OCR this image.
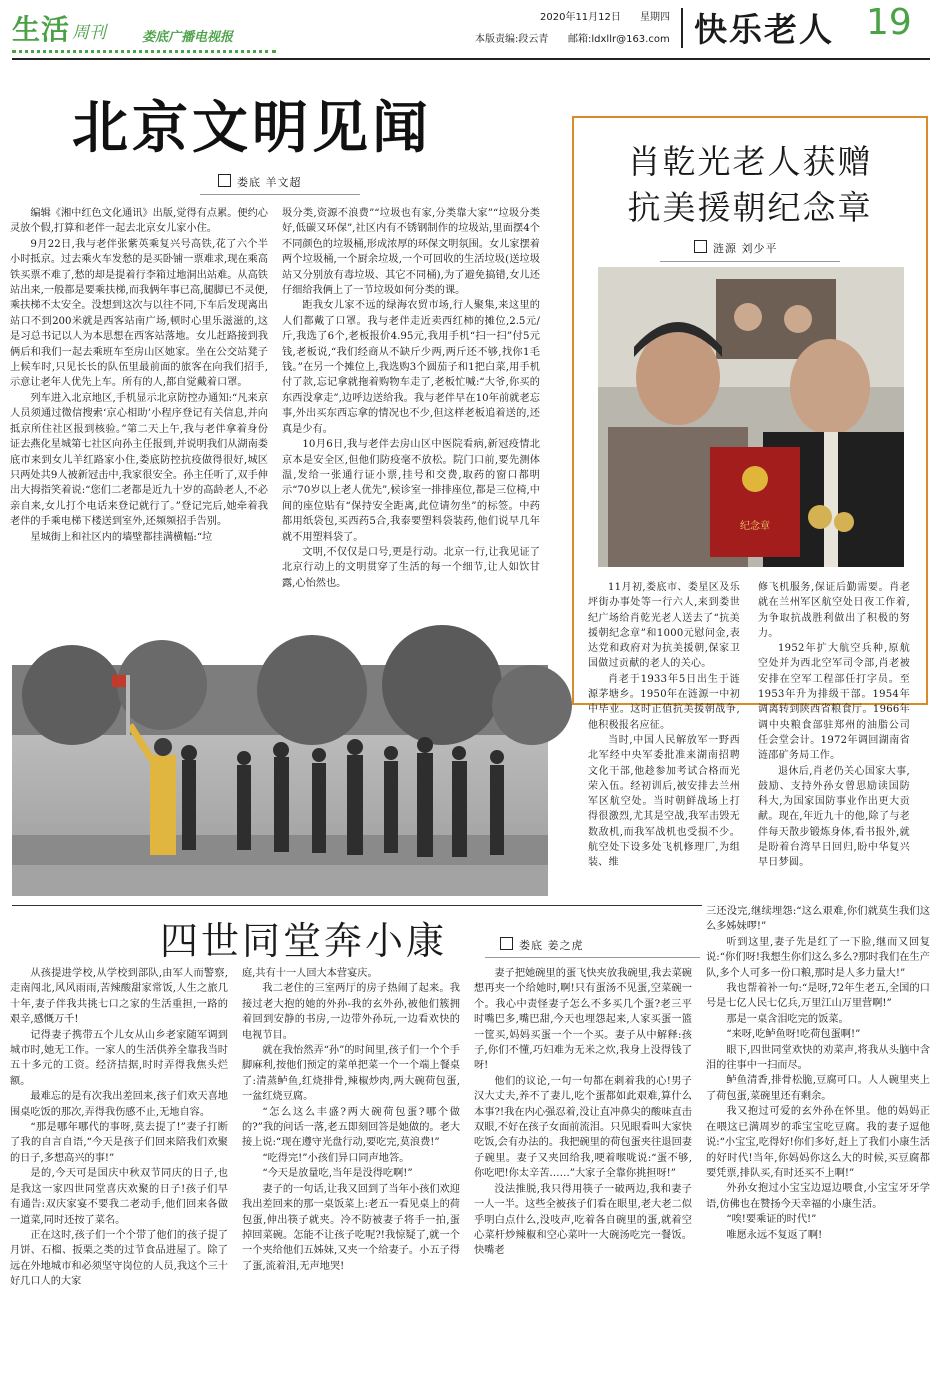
生活 周刊	娄底广播电视报
2020年11月12日 星期四
本版责编:段云青 邮箱:ldxllr@163.com 快乐老人 19
北京文明见闻
娄底 羊文超

编辑《湘中红色文化通讯》出版,觉得有点累。便约心灵放个假,打算和老伴一起去北京女儿家小住。

9月22日,我与老伴张紫英乘复兴号高铁,花了六个半小时抵京。过去乘火车发愁的是买卧铺一票难求,现在乘高铁买票不难了,愁的却是提着行李箱过地洞出站难。从高铁站出来,一般都是要乘扶梯,而我俩年事已高,腿脚已不灵便,乘扶梯不太安全。没想到这次与以往不同,下车后发现离出站口不到200米就是西客站南广场,顿时心里乐滋滋的,这是习总书记以人为本思想在西客站落地。女儿赶路接到我俩后和我们一起去乘班车至房山区她家。坐在公交站凳子上候车时,只见长长的队伍里最前面的旅客在向我们招手,示意让老年人优先上车。所有的人,都自觉戴着口罩。

列车进入北京地区,手机显示北京防控办通知:“凡来京人员须通过微信搜索‘京心相助’小程序登记有关信息,并向抵京所住社区报到核验。”第二天上午,我与老伴拿着身份证去燕化星城第七社区向孙主任报到,并说明我们从湖南娄底市来到女儿羊红路家小住,娄底防控抗疫做得很好,城区只两处共9人被新冠击中,我家很安全。孙主任听了,双手伸出大拇指笑着说:“您们二老都是近九十岁的高龄老人,不必亲自来,女儿打个电话来登记就行了。”登记完后,她牵着我老伴的手乘电梯下楼送到室外,还频频招手告别。

星城街上和社区内的墙壁都挂满横幅:“垃

圾分类,资源不浪费”“垃圾也有家,分类靠大家”“垃圾分类好,低碳又环保”,社区内有不锈钢制作的垃圾站,里面摆4个不同颜色的垃圾桶,形成浓厚的环保文明氛围。女儿家摆着两个垃圾桶,一个厨余垃圾,一个可回收的生活垃圾(送垃圾站又分别放有毒垃圾、其它不同桶),为了避免搞错,女儿还仔细给我俩上了一节垃圾如何分类的课。

距我女儿家不远的绿海农贸市场,行人聚集,来这里的人们都戴了口罩。我与老伴走近卖西红柿的摊位,2.5元/斤,我选了6个,老板报价4.95元,我用手机“扫一扫”付5元钱,老板说,“我们经商从不缺斤少两,两斤还不够,找你1毛钱。”在另一个摊位上,我选购3个圆茄子和1把白菜,用手机付了款,忘记拿就拖着购物车走了,老板忙喊:“大爷,你买的东西没拿走”,边呼边送给我。我与老伴早在10年前就老忘事,外出买东西忘拿的情况也不少,但这样老板追着送的,还真是少有。

10月6日,我与老伴去房山区中医院看病,新冠疫情北京本是安全区,但他们防疫毫不放松。院门口前,要先测体温,发给一张通行证小票,挂号和交费,取药的窗口都明示“70岁以上老人优先”,候诊室一排排座位,都是三位椅,中间的座位贴有“保持安全距离,此位请勿坐”的标签。中药都用纸袋包,买西药5合,我泰要塑料袋装药,他们说早几年就不用塑料袋了。

文明,不仅仅是口号,更是行动。北京一行,让我见证了北京行动上的文明贯穿了生活的每一个细节,让人如饮甘露,心怡然也。

肖乾光老人获赠
抗美援朝纪念章
涟源 刘少平
纪念章

11月初,娄底市、娄星区及乐坪街办事处等一行六人,来到娄世纪广场给肖乾光老人送去了“抗美援朝纪念章”和1000元慰问金,表达党和政府对为抗美援朝,保家卫国做过贡献的老人的关心。

肖老于1933年5日出生于涟源茅塘乡。1950年在涟源一中初中毕业。这时正值抗美援朝战争,他积极报名应征。

当时,中国人民解放军一野西北军经中央军委批准来湖南招聘文化干部,他趁参加考试合格而光荣入伍。经初训后,被安排去兰州军区航空处。当时朝鲜战场上打得很激烈,尤其是空战,我军击毁无数敌机,而我军战机也受损不少。航空处下设多处飞机修理厂,为组装、维

修飞机服务,保证后勤需要。肖老就在兰州军区航空处日夜工作着,为争取抗战胜利做出了积极的努力。

1952年扩大航空兵种,原航空处并为西北空军司令部,肖老被安排在空军工程部任打字员。至1953年升为排级干部。1954年调离转到陕西省粮食厅。1966年调中央粮食部驻郑州的油脂公司任会堂会计。1972年调回湖南省涟邵矿务局工作。

退休后,肖老仍关心国家大事,鼓励、支持外孙女曾思励读国防科大,为国家国防事业作出更大贡献。现在,年近九十的他,除了与老伴每天散步锻炼身体,看书报外,就是盼着台湾早日回归,盼中华复兴早日梦圆。

四世同堂奔小康	娄底 姜之虎

从孩提进学校,从学校到部队,由军人而警察,走南闯北,风风雨雨,苦辣酸甜家常饭,人生之旅几十年,妻子伴我共挑七口之家的生活重担,一路的艰辛,感慨万千!

记得妻子携带五个儿女从山乡老家随军调到城市时,她无工作。一家人的生活供养全靠我当时五十多元的工资。经济拮据,时时弄得我焦头烂额。

最难忘的是有次我出差回来,孩子们欢天喜地围桌吃饭的那次,弄得我伤感不止,无地自容。

“那是哪年哪代的事呀,莫去提了!”妻子打断了我的自言自语,“今天是孩子们回来陪我们欢聚的日子,多想高兴的事!”

是的,今天可是国庆中秋双节同庆的日子,也是我这一家四世同堂喜庆欢聚的日子!孩子们早有通告:双庆家宴不要我二老动手,他们回来各做一道菜,同时还按了菜名。

正在这时,孩子们一个个带了他们的孩子提了月饼、石榴、扳栗之类的过节食品进屋了。除了远在外地城市和必须坚守岗位的人员,我这个三十好几口人的大家

庭,共有十一人回大本营宴庆。

我二老住的三室两厅的房子热闹了起来。我接过老大抱的她的外孙-我的玄外孙,被他们簇拥着回到安静的书房,一边带外孙玩,一边看欢快的电视节目。

就在我怡然弄“孙”的时间里,孩子们一个个手脚麻利,按他们预定的菜单把菜一个一个端上餐桌了:清蒸鲈鱼,红烧排骨,辣椒炒肉,两大碗荷包蛋,一盆红烧豆腐。

“怎么这么丰盛?两大碗荷包蛋?哪个做的?”我的问话一落,老五即刻回答是她做的。老大接上说:“现在遵守光盘行动,要吃完,莫浪费!”

“吃得完!”小孩们异口同声地答。

“今天是放量吃,当年是没得吃啊!”

妻子的一句话,让我又回到了当年小孩们欢迎我出差回来的那一桌饭菜上:老五一看见桌上的荷包蛋,伸出筷子就夹。冷不防被妻子将手一拍,蛋掉回菜碗。怎能不让孩子吃呢?!我惊疑了,就一个一个夹给他们五姊妹,又夹一个给妻子。小五子得了蛋,流着泪,无声地哭!

妻子把她碗里的蛋飞快夹放我碗里,我去菜碗想再夹一个给她时,啊!只有蛋汤不见蛋,空菜碗一个。我心中责怪妻子怎么不多买几个蛋?老三平时嘴巴多,嘴巴甜,今天也埋怨起来,人家买蛋一篮一筐买,妈妈买蛋一个一个买。妻子从中解释:孩子,你们不懂,巧妇难为无米之炊,我身上没得钱了呀!

他们的议论,一句一句都在刺着我的心!男子汉大丈夫,养不了妻儿,吃个蛋都如此艰难,算什么本事?!我在内心强忍着,没让直冲鼻尖的酸味直击双眼,不好在孩子女面前流泪。只见眼看叫大家快吃饭,会有办法的。我把碗里的荷包蛋夹往退回妻子碗里。妻子又夹回给我,哽着喉咙说:“蛋不够,你吃吧!你太辛苦……”大家子全靠你挑担呀!”

没法推脱,我只得用筷子一破两边,我和妻子一人一半。这些全被孩子们看在眼里,老大老二似乎明白点什么,没吱声,吃着各自碗里的蛋,就着空心菜杆炒辣椒和空心菜叶一大碗汤吃完一餐饭。快嘴老

三还没完,继续埋怨:“这么艰难,你们就莫生我们这么多姊妹啰!”

听到这里,妻子先是红了一下脸,继而又回复说:“你们呀!我想生你们这么多么?那时我们在生产队,多个人可多一份口粮,那时是人多力量大!”

我也帮着补一句:“是呀,72年生老五,全国的口号是七亿人民七亿兵,万里江山万里营啊!”

那是一桌含泪吃完的饭菜。

“来呀,吃鲈鱼呀!吃荷包蛋啊!”

眼下,四世同堂欢快的劝菜声,将我从头脑中含泪的往事中一扫而尽。

鲈鱼清香,排骨松脆,豆腐可口。人人碗里夹上了荷包蛋,菜碗里还有剩余。

我又抱过可爱的玄外孙在怀里。他的妈妈正在喂这已满周岁的乖宝宝吃豆腐。我的妻子逗他说:“小宝宝,吃得好!你们多好,赶上了我们小康生活的好时代!当年,你妈妈你这么大的时候,买豆腐都要凭票,排队买,有时还买不上啊!”

外孙女抱过小宝宝边逗边喂食,小宝宝牙牙学语,仿佛也在赞扬今天幸福的小康生活。

“唉!要乘证的时代!”

唯愿永远不复返了啊!
